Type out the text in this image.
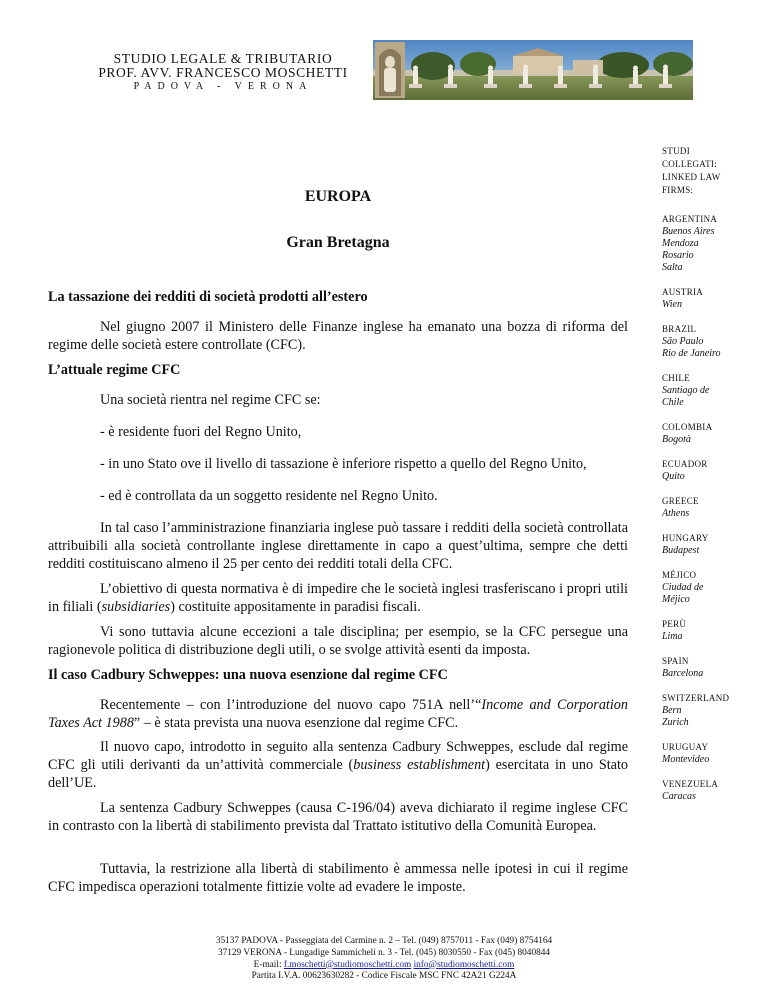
STUDIO LEGALE & TRIBUTARIO
PROF. AVV. FRANCESCO MOSCHETTI
PADOVA - VERONA
STUDI
COLLEGATI:
LINKED LAW
FIRMS:
ARGENTINA
Buenos Aires
Mendoza
Rosario
Salta
AUSTRIA
Wien
BRAZIL
São Paulo
Rio de Janeiro
CHILE
Santiago de
Chile
COLOMBIA
Bogotà
ECUADOR
Quito
GREECE
Athens
HUNGARY
Budapest
MÉJICO
Ciudad de
Méjico
PERÙ
Lima
SPAIN
Barcelona
SWITZERLAND
Bern
Zurich
URUGUAY
Montevideo
VENEZUELA
Caracas
EUROPA
Gran Bretagna
La tassazione dei redditi di società prodotti all’estero
Nel giugno 2007 il Ministero delle Finanze inglese ha emanato una bozza di riforma del regime delle società estere controllate (CFC).
L’attuale regime CFC
Una società rientra nel regime CFC se:
- è residente fuori del Regno Unito,
- in uno Stato ove il livello di tassazione è inferiore rispetto a quello del Regno Unito,
- ed è controllata da un soggetto residente nel Regno Unito.
In tal caso l’amministrazione finanziaria inglese può tassare i redditi della società controllata attribuibili alla società controllante inglese direttamente in capo a quest’ultima, sempre che detti redditi costituiscano almeno il 25 per cento dei redditi totali della CFC.
L’obiettivo di questa normativa è di impedire che le società inglesi trasferiscano i propri utili in filiali (subsidiaries) costituite appositamente in paradisi fiscali.
Vi sono tuttavia alcune eccezioni a tale disciplina; per esempio, se la CFC persegue una ragionevole politica di distribuzione degli utili, o se svolge attività esenti da imposta.
Il caso Cadbury Schweppes: una nuova esenzione dal regime CFC
Recentemente – con l’introduzione del nuovo capo 751A nell’“Income and Corporation Taxes Act 1988” – è stata prevista una nuova esenzione dal regime CFC.
Il nuovo capo, introdotto in seguito alla sentenza Cadbury Schweppes, esclude dal regime CFC gli utili derivanti da un’attività commerciale (business establishment) esercitata in uno Stato dell’UE.
La sentenza Cadbury Schweppes (causa C-196/04) aveva dichiarato il regime inglese CFC in contrasto con la libertà di stabilimento prevista dal Trattato istitutivo della Comunità Europea.
Tuttavia, la restrizione alla libertà di stabilimento è ammessa nelle ipotesi in cui il regime CFC impedisca operazioni totalmente fittizie volte ad evadere le imposte.
35137 PADOVA - Passeggiata del Carmine n. 2 – Tel. (049) 8757011 - Fax (049) 8754164
37129 VERONA - Lungadige Sammicheli n. 3 - Tel. (045) 8030550 - Fax (045) 8040844
E-mail: f.moschetti@studiomoschetti.com info@studiomoschetti.com
Partita I.V.A. 00623630282 - Codice Fiscale MSC FNC 42A21 G224A
